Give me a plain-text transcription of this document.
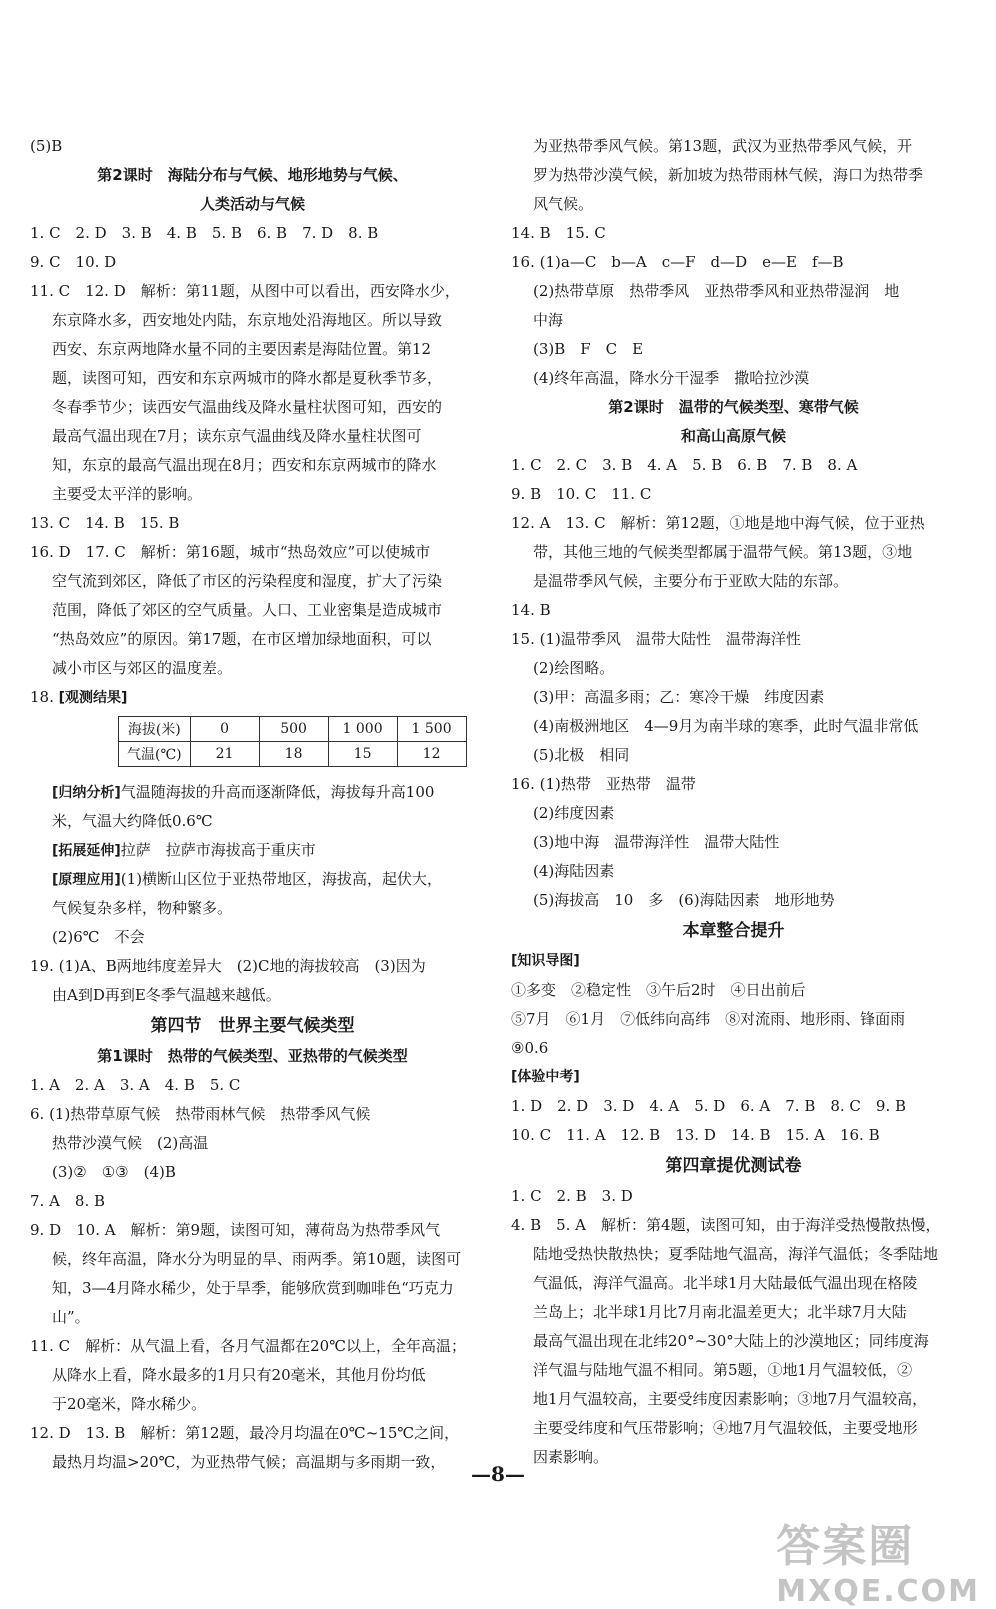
(5)B
第2课时　海陆分布与气候、地形地势与气候、
人类活动与气候
1. C　2. D　3. B　4. B　5. B　6. B　7. D　8. B
9. C　10. D
11. C　12. D　解析：第11题，从图中可以看出，西安降水少，
东京降水多，西安地处内陆，东京地处沿海地区。所以导致
西安、东京两地降水量不同的主要因素是海陆位置。第12
题，读图可知，西安和东京两城市的降水都是夏秋季节多，
冬春季节少；读西安气温曲线及降水量柱状图可知，西安的
最高气温出现在7月；读东京气温曲线及降水量柱状图可
知，东京的最高气温出现在8月；西安和东京两城市的降水
主要受太平洋的影响。
13. C　14. B　15. B
16. D　17. C　解析：第16题，城市“热岛效应”可以使城市
空气流到郊区，降低了市区的污染程度和湿度，扩大了污染
范围，降低了郊区的空气质量。人口、工业密集是造成城市
“热岛效应”的原因。第17题，在市区增加绿地面积，可以
减小市区与郊区的温度差。
18. [观测结果]
海拔(米)	0	500	1 000	1 500
气温(℃)	21	18	15	12
[归纳分析]气温随海拔的升高而逐渐降低，海拔每升高100
米，气温大约降低0.6℃
[拓展延伸]拉萨　拉萨市海拔高于重庆市
[原理应用](1)横断山区位于亚热带地区，海拔高，起伏大，
气候复杂多样，物种繁多。
(2)6℃　不会
19. (1)A、B两地纬度差异大　(2)C地的海拔较高　(3)因为
由A到D再到E冬季气温越来越低。
第四节　世界主要气候类型
第1课时　热带的气候类型、亚热带的气候类型
1. A　2. A　3. A　4. B　5. C
6. (1)热带草原气候　热带雨林气候　热带季风气候
热带沙漠气候　(2)高温
(3)②　①③　(4)B
7. A　8. B
9. D　10. A　解析：第9题，读图可知，薄荷岛为热带季风气
候，终年高温，降水分为明显的旱、雨两季。第10题，读图可
知，3—4月降水稀少，处于旱季，能够欣赏到咖啡色“巧克力
山”。
11. C　解析：从气温上看，各月气温都在20℃以上，全年高温；
从降水上看，降水最多的1月只有20毫米，其他月份均低
于20毫米，降水稀少。
12. D　13. B　解析：第12题，最冷月均温在0℃~15℃之间，
最热月均温>20℃，为亚热带气候；高温期与多雨期一致，
为亚热带季风气候。第13题，武汉为亚热带季风气候，开
罗为热带沙漠气候，新加坡为热带雨林气候，海口为热带季
风气候。
14. B　15. C
16. (1)a—C　b—A　c—F　d—D　e—E　f—B
(2)热带草原　热带季风　亚热带季风和亚热带湿润　地
中海
(3)B　F　C　E
(4)终年高温，降水分干湿季　撒哈拉沙漠
第2课时　温带的气候类型、寒带气候
和高山高原气候
1. C　2. C　3. B　4. A　5. B　6. B　7. B　8. A
9. B　10. C　11. C
12. A　13. C　解析：第12题，①地是地中海气候，位于亚热
带，其他三地的气候类型都属于温带气候。第13题，③地
是温带季风气候，主要分布于亚欧大陆的东部。
14. B
15. (1)温带季风　温带大陆性　温带海洋性
(2)绘图略。
(3)甲：高温多雨；乙：寒冷干燥　纬度因素
(4)南极洲地区　4—9月为南半球的寒季，此时气温非常低
(5)北极　相同
16. (1)热带　亚热带　温带
(2)纬度因素
(3)地中海　温带海洋性　温带大陆性
(4)海陆因素
(5)海拔高　10　多　(6)海陆因素　地形地势
本章整合提升
[知识导图]
①多变　②稳定性　③午后2时　④日出前后
⑤7月　⑥1月　⑦低纬向高纬　⑧对流雨、地形雨、锋面雨
⑨0.6
[体验中考]
1. D　2. D　3. D　4. A　5. D　6. A　7. B　8. C　9. B
10. C　11. A　12. B　13. D　14. B　15. A　16. B
第四章提优测试卷
1. C　2. B　3. D
4. B　5. A　解析：第4题，读图可知，由于海洋受热慢散热慢，
陆地受热快散热快；夏季陆地气温高，海洋气温低；冬季陆地
气温低，海洋气温高。北半球1月大陆最低气温出现在格陵
兰岛上；北半球1月比7月南北温差更大；北半球7月大陆
最高气温出现在北纬20°~30°大陆上的沙漠地区；同纬度海
洋气温与陆地气温不相同。第5题，①地1月气温较低，②
地1月气温较高，主要受纬度因素影响；③地7月气温较高，
主要受纬度和气压带影响；④地7月气温较低，主要受地形
因素影响。
—8—
答案圈
MXQE.COM
